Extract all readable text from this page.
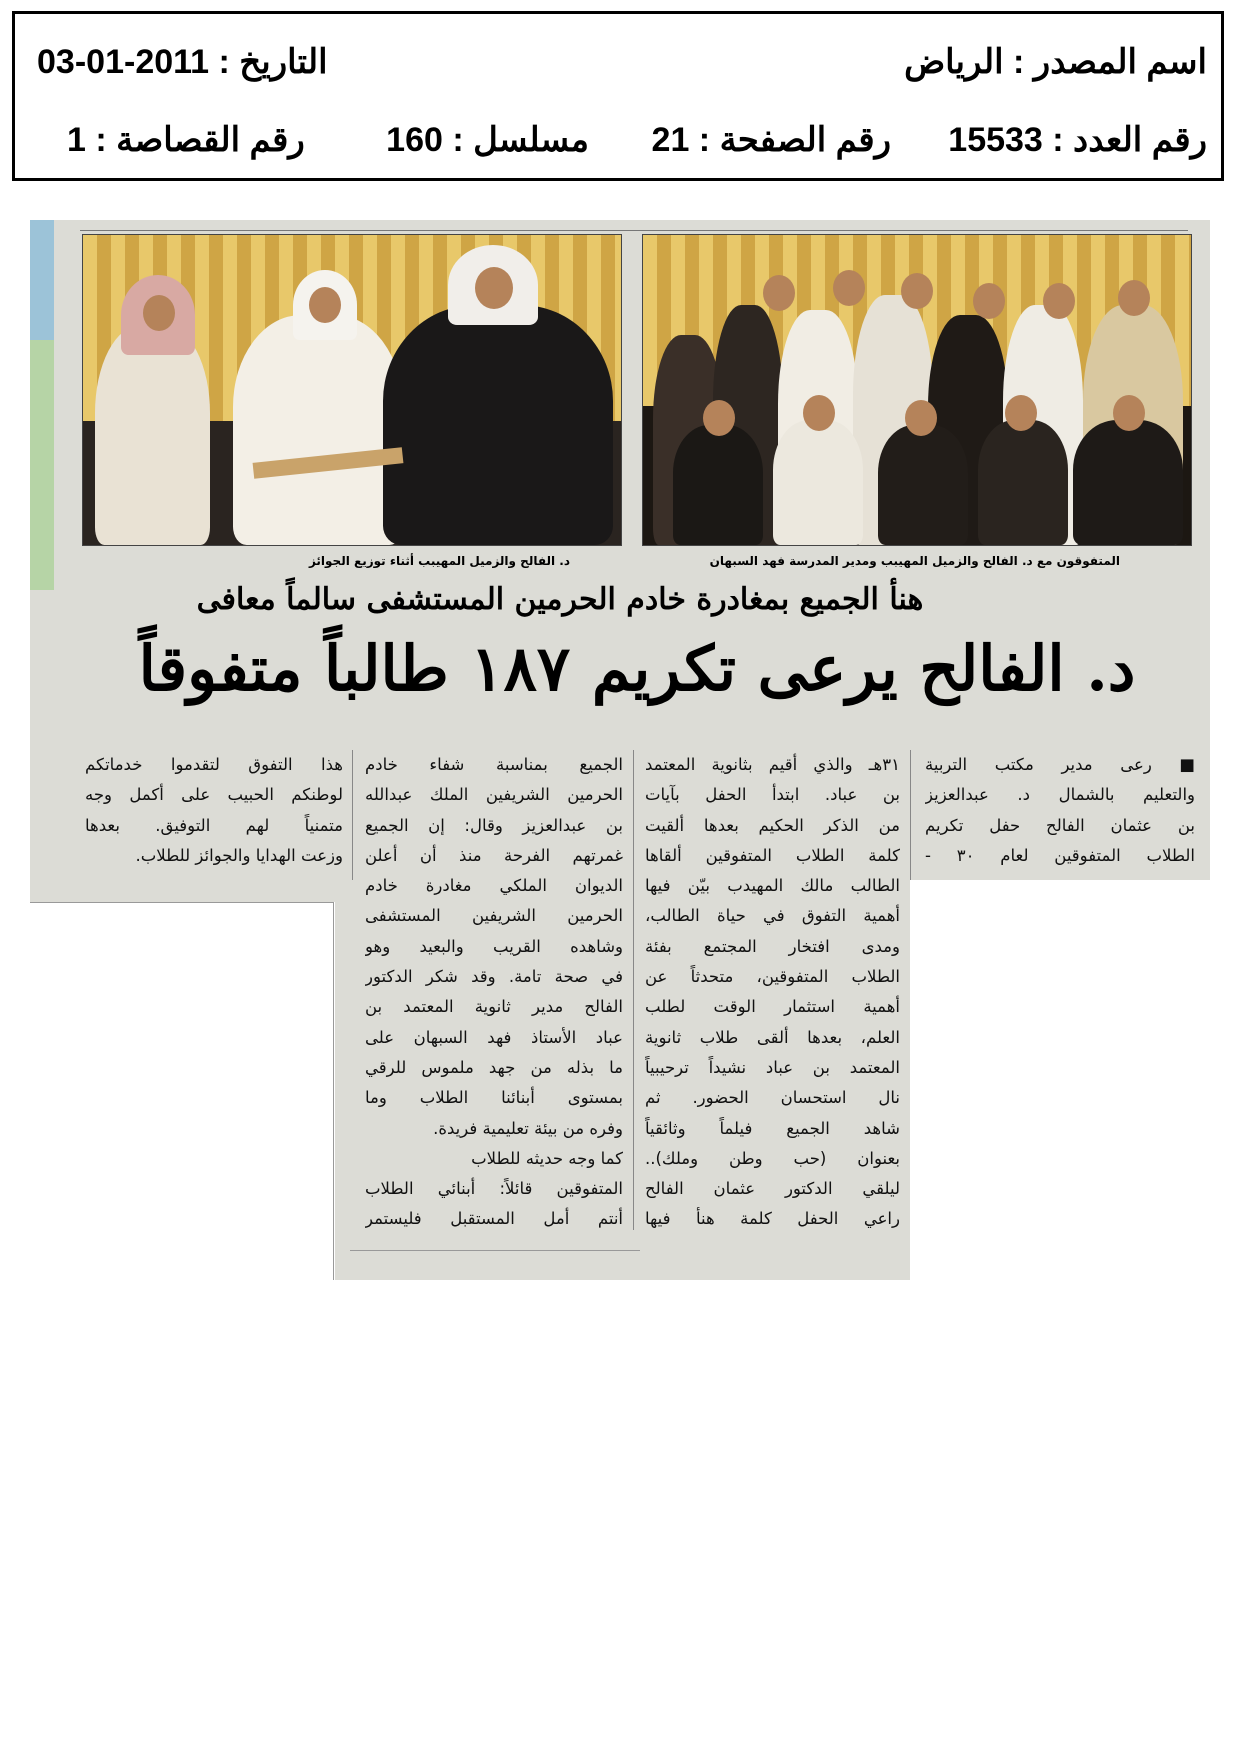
اسم المصدر : الرياض
التاريخ : 2011-01-03
رقم العدد : 15533
رقم الصفحة : 21
مسلسل : 160
رقم القصاصة : 1
المتفوقون مع د. الفالح والزميل المهيبب ومدير المدرسة فهد السبهان
د. الفالح والزميل المهيبب أثناء توزيع الجوائز
هنأ الجميع بمغادرة خادم الحرمين المستشفى سالماً معافى
د. الفالح يرعى تكريم ١٨٧ طالباً متفوقاً
■ رعى مدير مكتب التربية
والتعليم بالشمال د. عبدالعزيز
بن عثمان الفالح حفل تكريم
الطلاب المتفوقين لعام ٣٠ -
٣١هـ والذي أقيم بثانوية المعتمد
بن عباد. ابتدأ الحفل بآيات
من الذكر الحكيم بعدها ألقيت
كلمة الطلاب المتفوقين ألقاها
الطالب مالك المهيدب بيّن فيها
أهمية التفوق في حياة الطالب،
ومدى افتخار المجتمع بفئة
الطلاب المتفوقين، متحدثاً عن
أهمية استثمار الوقت لطلب
العلم، بعدها ألقى طلاب ثانوية
المعتمد بن عباد نشيداً ترحيبياً
نال استحسان الحضور. ثم
شاهد الجميع فيلماً وثائقياً
بعنوان (حب وطن وملك)..
ليلقي الدكتور عثمان الفالح
راعي الحفل كلمة هنأ فيها
الجميع بمناسبة شفاء خادم
الحرمين الشريفين الملك عبدالله
بن عبدالعزيز وقال: إن الجميع
غمرتهم الفرحة منذ أن أعلن
الديوان الملكي مغادرة خادم
الحرمين الشريفين المستشفى
وشاهده القريب والبعيد وهو
في صحة تامة. وقد شكر الدكتور
الفالح مدير ثانوية المعتمد بن
عباد الأستاذ فهد السبهان على
ما بذله من جهد ملموس للرقي
بمستوى أبنائنا الطلاب وما
وفره من بيئة تعليمية فريدة.
كما وجه حديثه للطلاب
المتفوقين قائلاً: أبنائي الطلاب
أنتم أمل المستقبل فليستمر
هذا التفوق لتقدموا خدماتكم
لوطنكم الحبيب على أكمل وجه
متمنياً لهم التوفيق. بعدها
وزعت الهدايا والجوائز للطلاب.
